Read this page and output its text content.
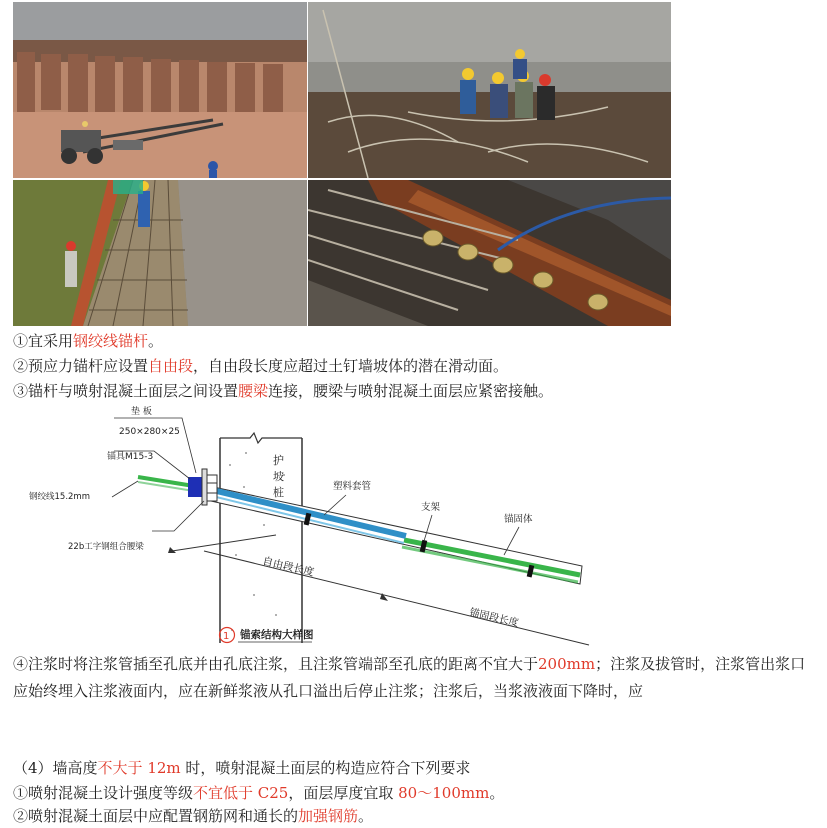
①宜采用钢绞线锚杆。
②预应力锚杆应设置自由段，自由段长度应超过土钉墙坡体的潜在滑动面。
③锚杆与喷射混凝土面层之间设置腰梁连接，腰梁与喷射混凝土面层应紧密接触。
垫 板
250×280×25
锚具M15-3
钢绞线15.2mm
22b工字钢组合腰梁
护
坡
桩	塑料套管
支架
锚固体
自由段长度
锚固段长度
1 锚索结构大样图
④注浆时将注浆管插至孔底并由孔底注浆，且注浆管端部至孔底的距离不宜大于200mm；注浆及拔管时，注浆管出浆口应始终埋入注浆液面内，应在新鲜浆液从孔口溢出后停止注浆；注浆后，当浆液液面下降时，应
（4）墙高度不大于 12m 时，喷射混凝土面层的构造应符合下列要求
①喷射混凝土设计强度等级不宜低于 C25，面层厚度宜取 80～100mm。
②喷射混凝土面层中应配置钢筋网和通长的加强钢筋。
